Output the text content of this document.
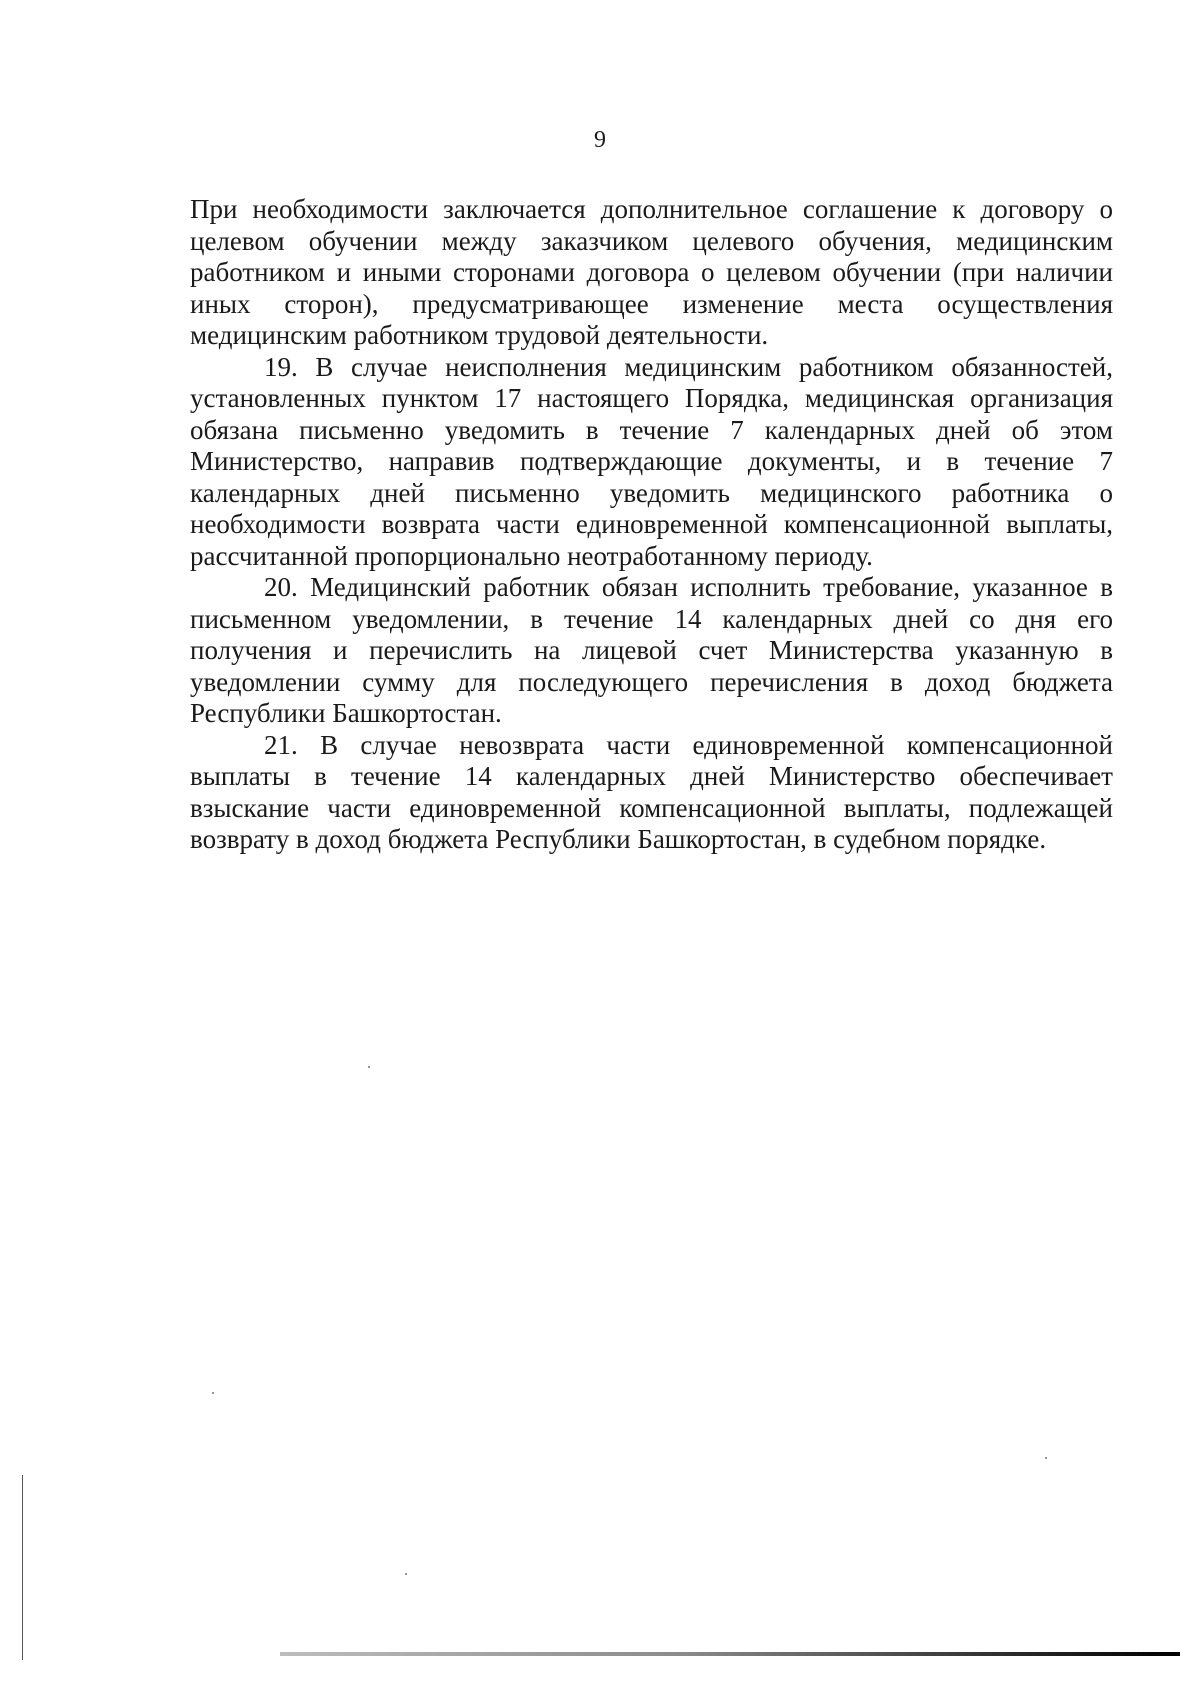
9

При необходимости заключается дополнительное соглашение к договору о целевом обучении между заказчиком целевого обучения, медицинским работником и иными сторонами договора о целевом обучении (при наличии иных сторон), предусматривающее изменение места осуществления медицинским работником трудовой деятельности.

19. В случае неисполнения медицинским работником обязанностей, установленных пунктом 17 настоящего Порядка, медицинская организация обязана письменно уведомить в течение 7 календарных дней об этом Министерство, направив подтверждающие документы, и в течение 7 календарных дней письменно уведомить медицинского работника о необходимости возврата части единовременной компенсационной выплаты, рассчитанной пропорционально неотработанному периоду.

20. Медицинский работник обязан исполнить требование, указанное в письменном уведомлении, в течение 14 календарных дней со дня его получения и перечислить на лицевой счет Министерства указанную в уведомлении сумму для последующего перечисления в доход бюджета Республики Башкортостан.

21. В случае невозврата части единовременной компенсационной выплаты в течение 14 календарных дней Министерство обеспечивает взыскание части единовременной компенсационной выплаты, подлежащей возврату в доход бюджета Республики Башкортостан, в судебном порядке.
